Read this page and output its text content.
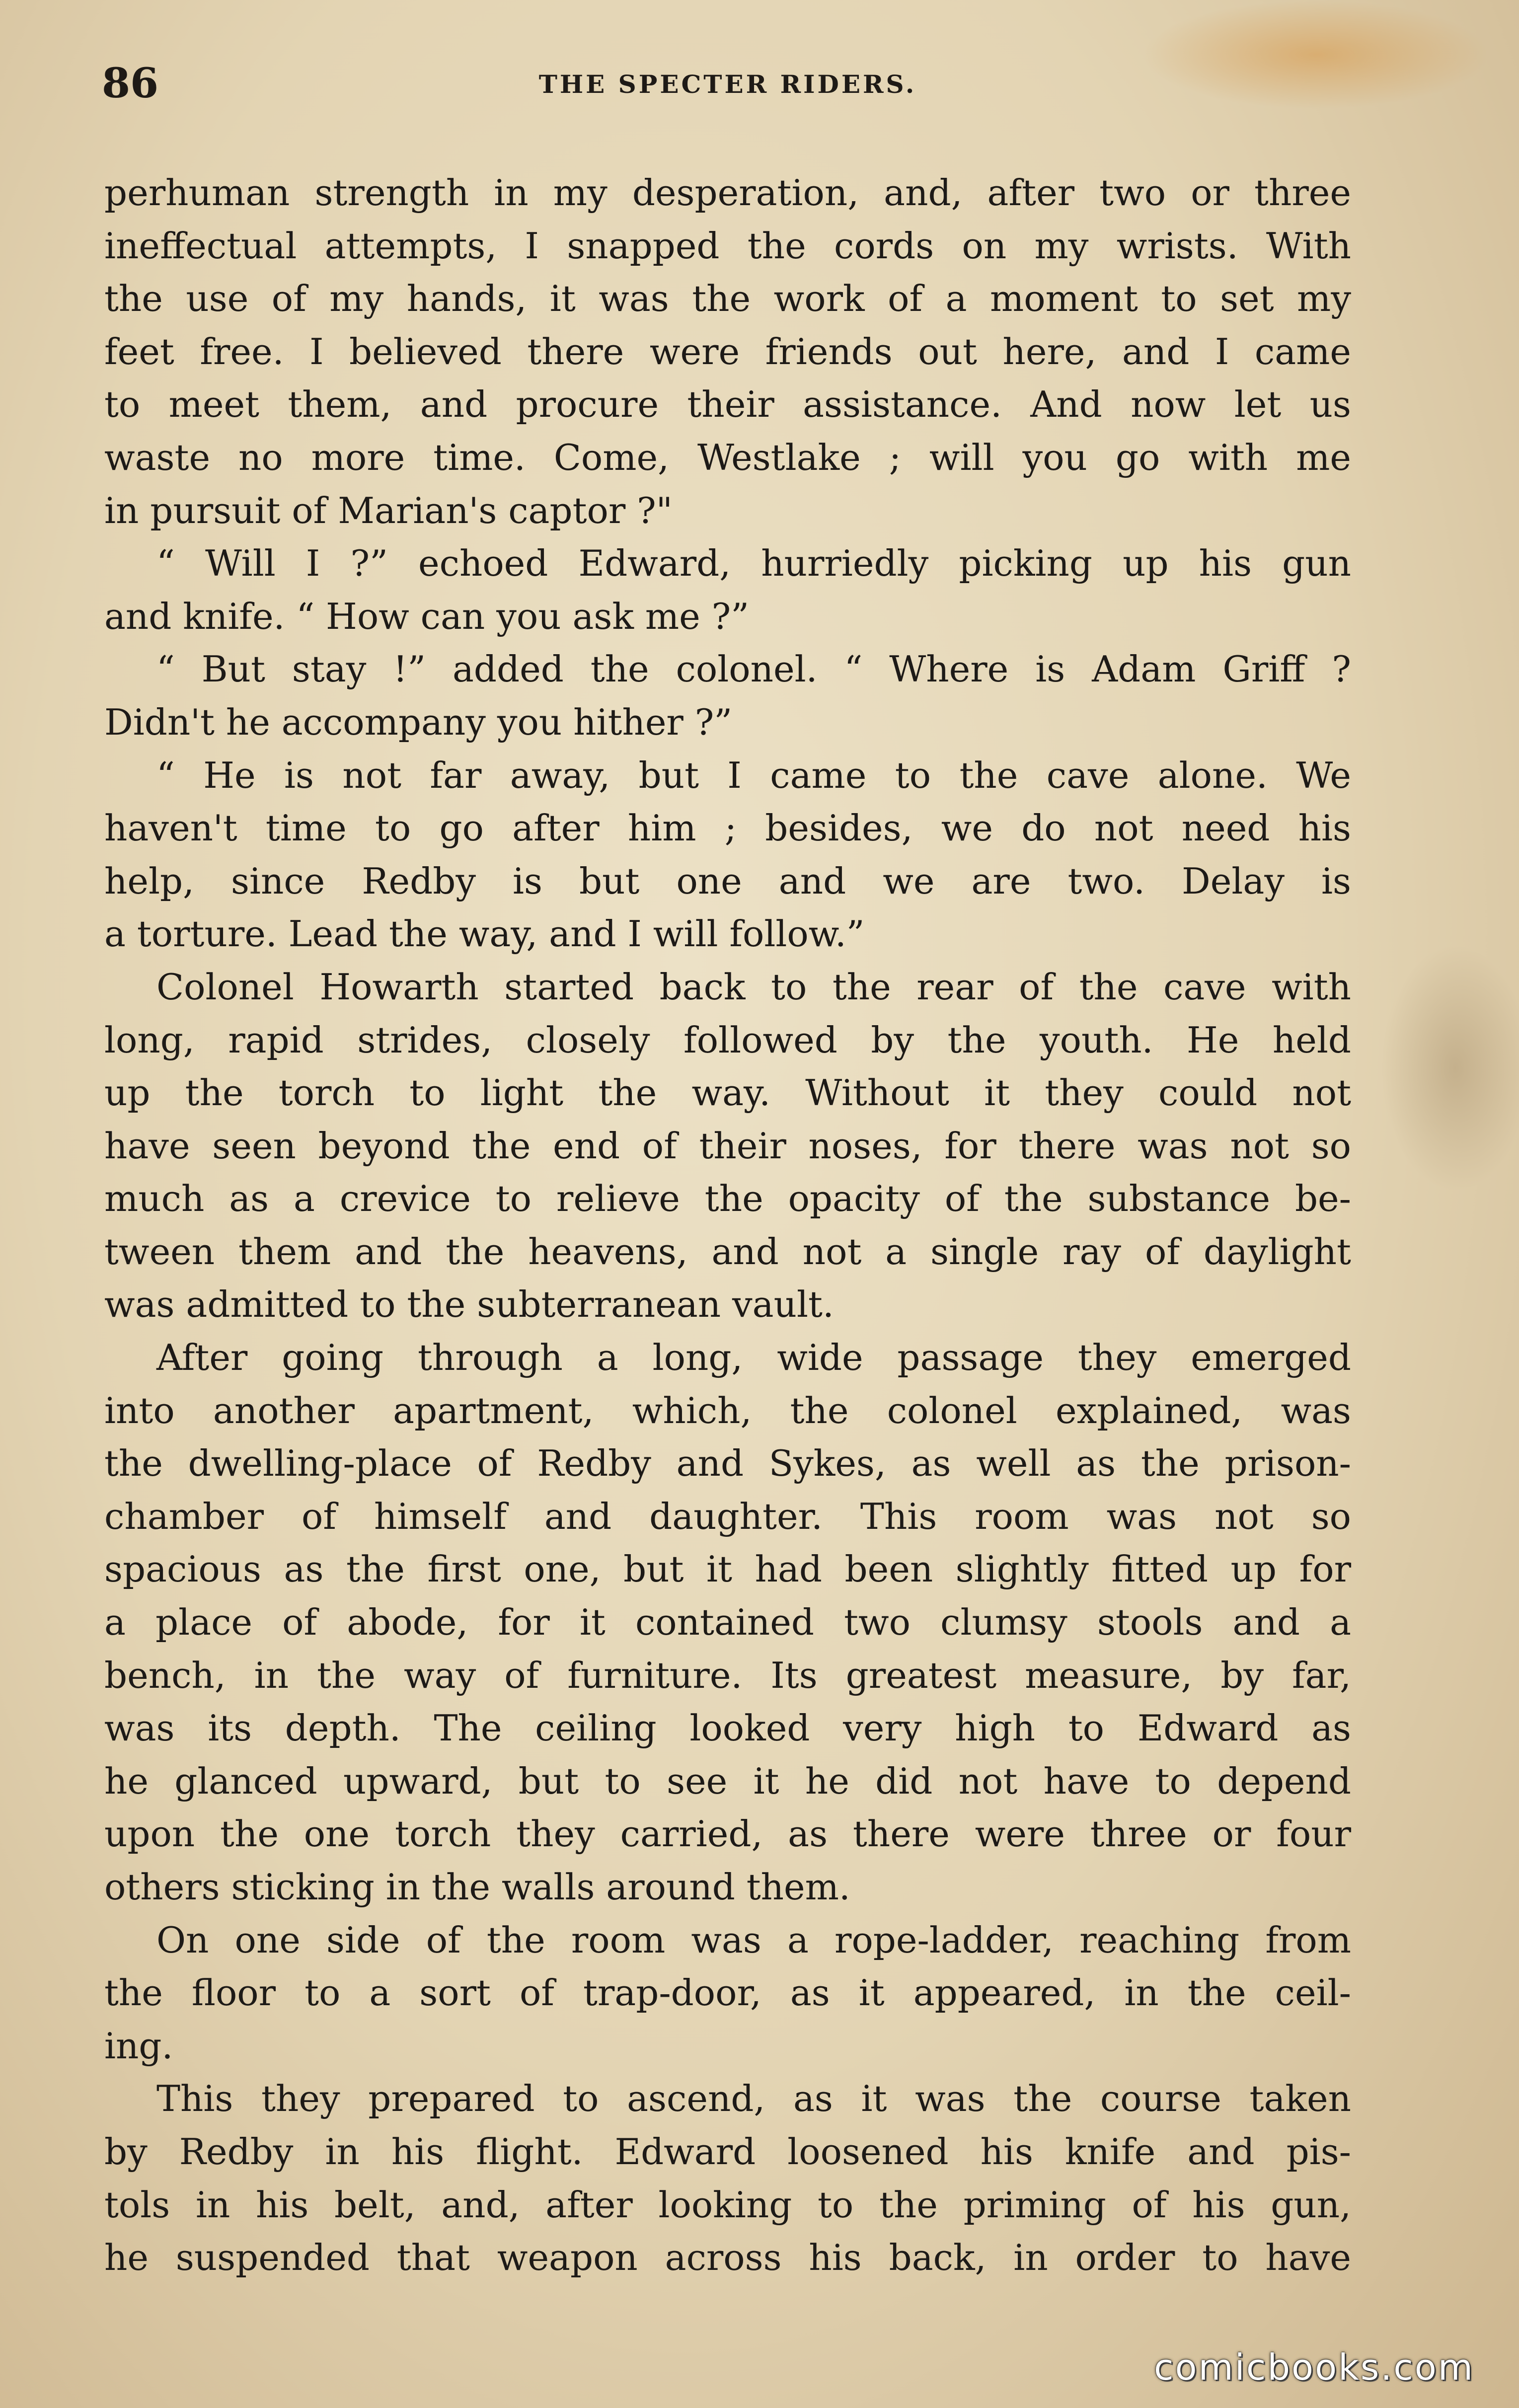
86	THE SPECTER RIDERS.

perhuman strength in my desperation, and, after two or three
ineffectual attempts, I snapped the cords on my wrists. With
the use of my hands, it was the work of a moment to set my
feet free. I believed there were friends out here, and I came
to meet them, and procure their assistance. And now let us
waste no more time. Come, Westlake ; will you go with me
in pursuit of Marian's captor ?"

“ Will I ?” echoed Edward, hurriedly picking up his gun
and knife. “ How can you ask me ?”

“ But stay !” added the colonel. “ Where is Adam Griff ?
Didn't he accompany you hither ?”

“ He is not far away, but I came to the cave alone. We
haven't time to go after him ; besides, we do not need his
help, since Redby is but one and we are two. Delay is
a torture. Lead the way, and I will follow.”

Colonel Howarth started back to the rear of the cave with
long, rapid strides, closely followed by the youth. He held
up the torch to light the way. Without it they could not
have seen beyond the end of their noses, for there was not so
much as a crevice to relieve the opacity of the substance be-
tween them and the heavens, and not a single ray of daylight
was admitted to the subterranean vault.

After going through a long, wide passage they emerged
into another apartment, which, the colonel explained, was
the dwelling-place of Redby and Sykes, as well as the prison-
chamber of himself and daughter. This room was not so
spacious as the first one, but it had been slightly fitted up for
a place of abode, for it contained two clumsy stools and a
bench, in the way of furniture. Its greatest measure, by far,
was its depth. The ceiling looked very high to Edward as
he glanced upward, but to see it he did not have to depend
upon the one torch they carried, as there were three or four
others sticking in the walls around them.

On one side of the room was a rope-ladder, reaching from
the floor to a sort of trap-door, as it appeared, in the ceil-
ing.

This they prepared to ascend, as it was the course taken
by Redby in his flight. Edward loosened his knife and pis-
tols in his belt, and, after looking to the priming of his gun,
he suspended that weapon across his back, in order to have

comicbooks.com
